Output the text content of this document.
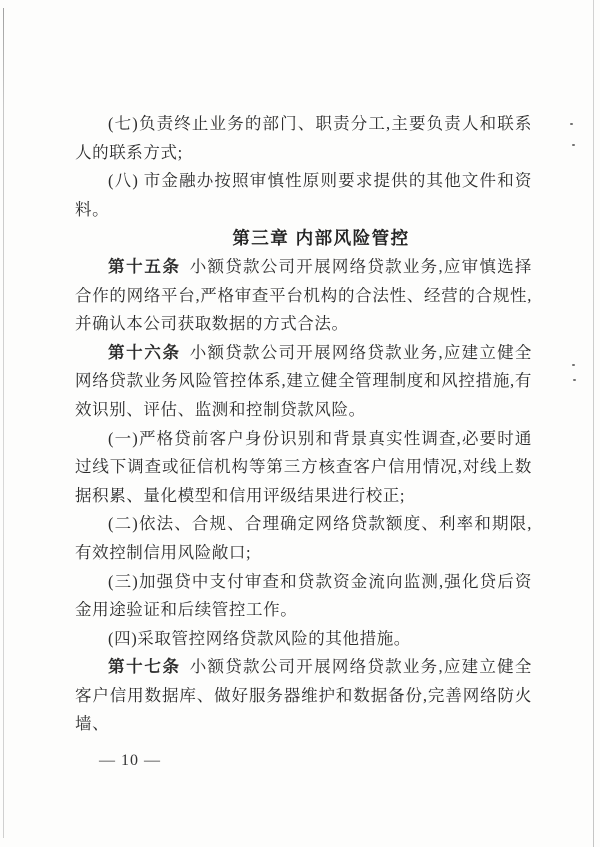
(七)负责终止业务的部门、职责分工,主要负责人和联系人的联系方式;

(八) 市金融办按照审慎性原则要求提供的其他文件和资料。

第三章 内部风险管控

第十五条 小额贷款公司开展网络贷款业务,应审慎选择合作的网络平台,严格审查平台机构的合法性、经营的合规性,并确认本公司获取数据的方式合法。

第十六条 小额贷款公司开展网络贷款业务,应建立健全网络贷款业务风险管控体系,建立健全管理制度和风控措施,有效识别、评估、监测和控制贷款风险。

(一)严格贷前客户身份识别和背景真实性调查,必要时通过线下调查或征信机构等第三方核查客户信用情况,对线上数据积累、量化模型和信用评级结果进行校正;

(二)依法、合规、合理确定网络贷款额度、利率和期限,有效控制信用风险敞口;

(三)加强贷中支付审查和贷款资金流向监测,强化贷后资金用途验证和后续管控工作。

(四)采取管控网络贷款风险的其他措施。

第十七条 小额贷款公司开展网络贷款业务,应建立健全客户信用数据库、做好服务器维护和数据备份,完善网络防火墙、

— 10 —
